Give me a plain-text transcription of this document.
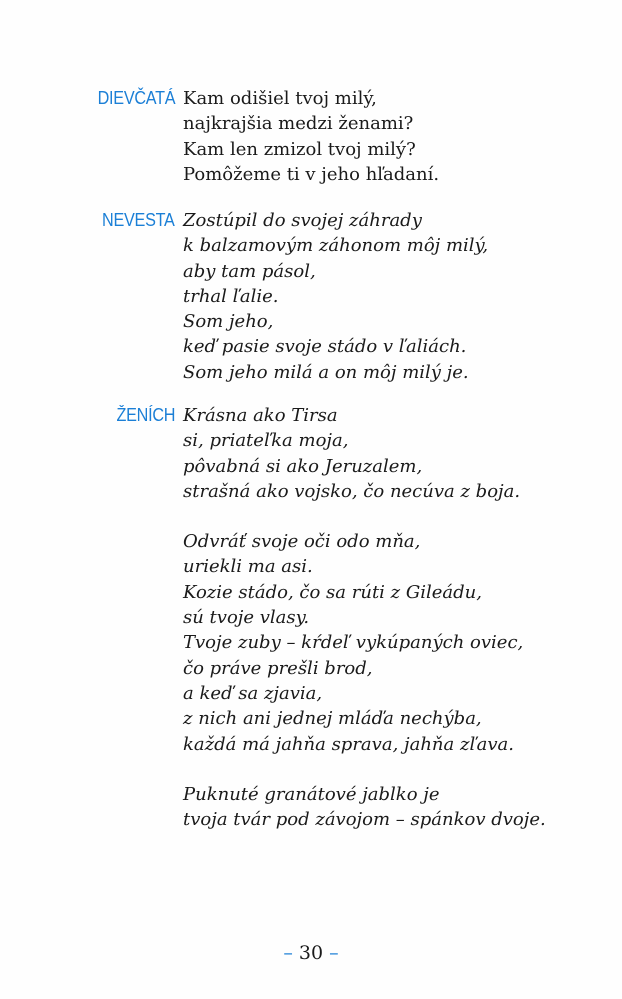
DIEVČATÁ Kam odišiel tvoj milý,
najkrajšia medzi ženami?
Kam len zmizol tvoj milý?
Pomôžeme ti v jeho hľadaní.
NEVESTA Zostúpil do svojej záhrady
k balzamovým záhonom môj milý,
aby tam pásol,
trhal ľalie.
Som jeho,
keď pasie svoje stádo v ľaliách.
Som jeho milá a on môj milý je.
ŽENÍCH Krásna ako Tirsa
si, priateľka moja,
pôvabná si ako Jeruzalem,
strašná ako vojsko, čo necúva z boja.
Odvráť svoje oči odo mňa,
uriekli ma asi.
Kozie stádo, čo sa rúti z Gileádu,
sú tvoje vlasy.
Tvoje zuby – kŕdeľ vykúpaných oviec,
čo práve prešli brod,
a keď sa zjavia,
z nich ani jednej mláďa nechýba,
každá má jahňa sprava, jahňa zľava.
Puknuté granátové jablko je
tvoja tvár pod závojom – spánkov dvoje.
– 30 –
